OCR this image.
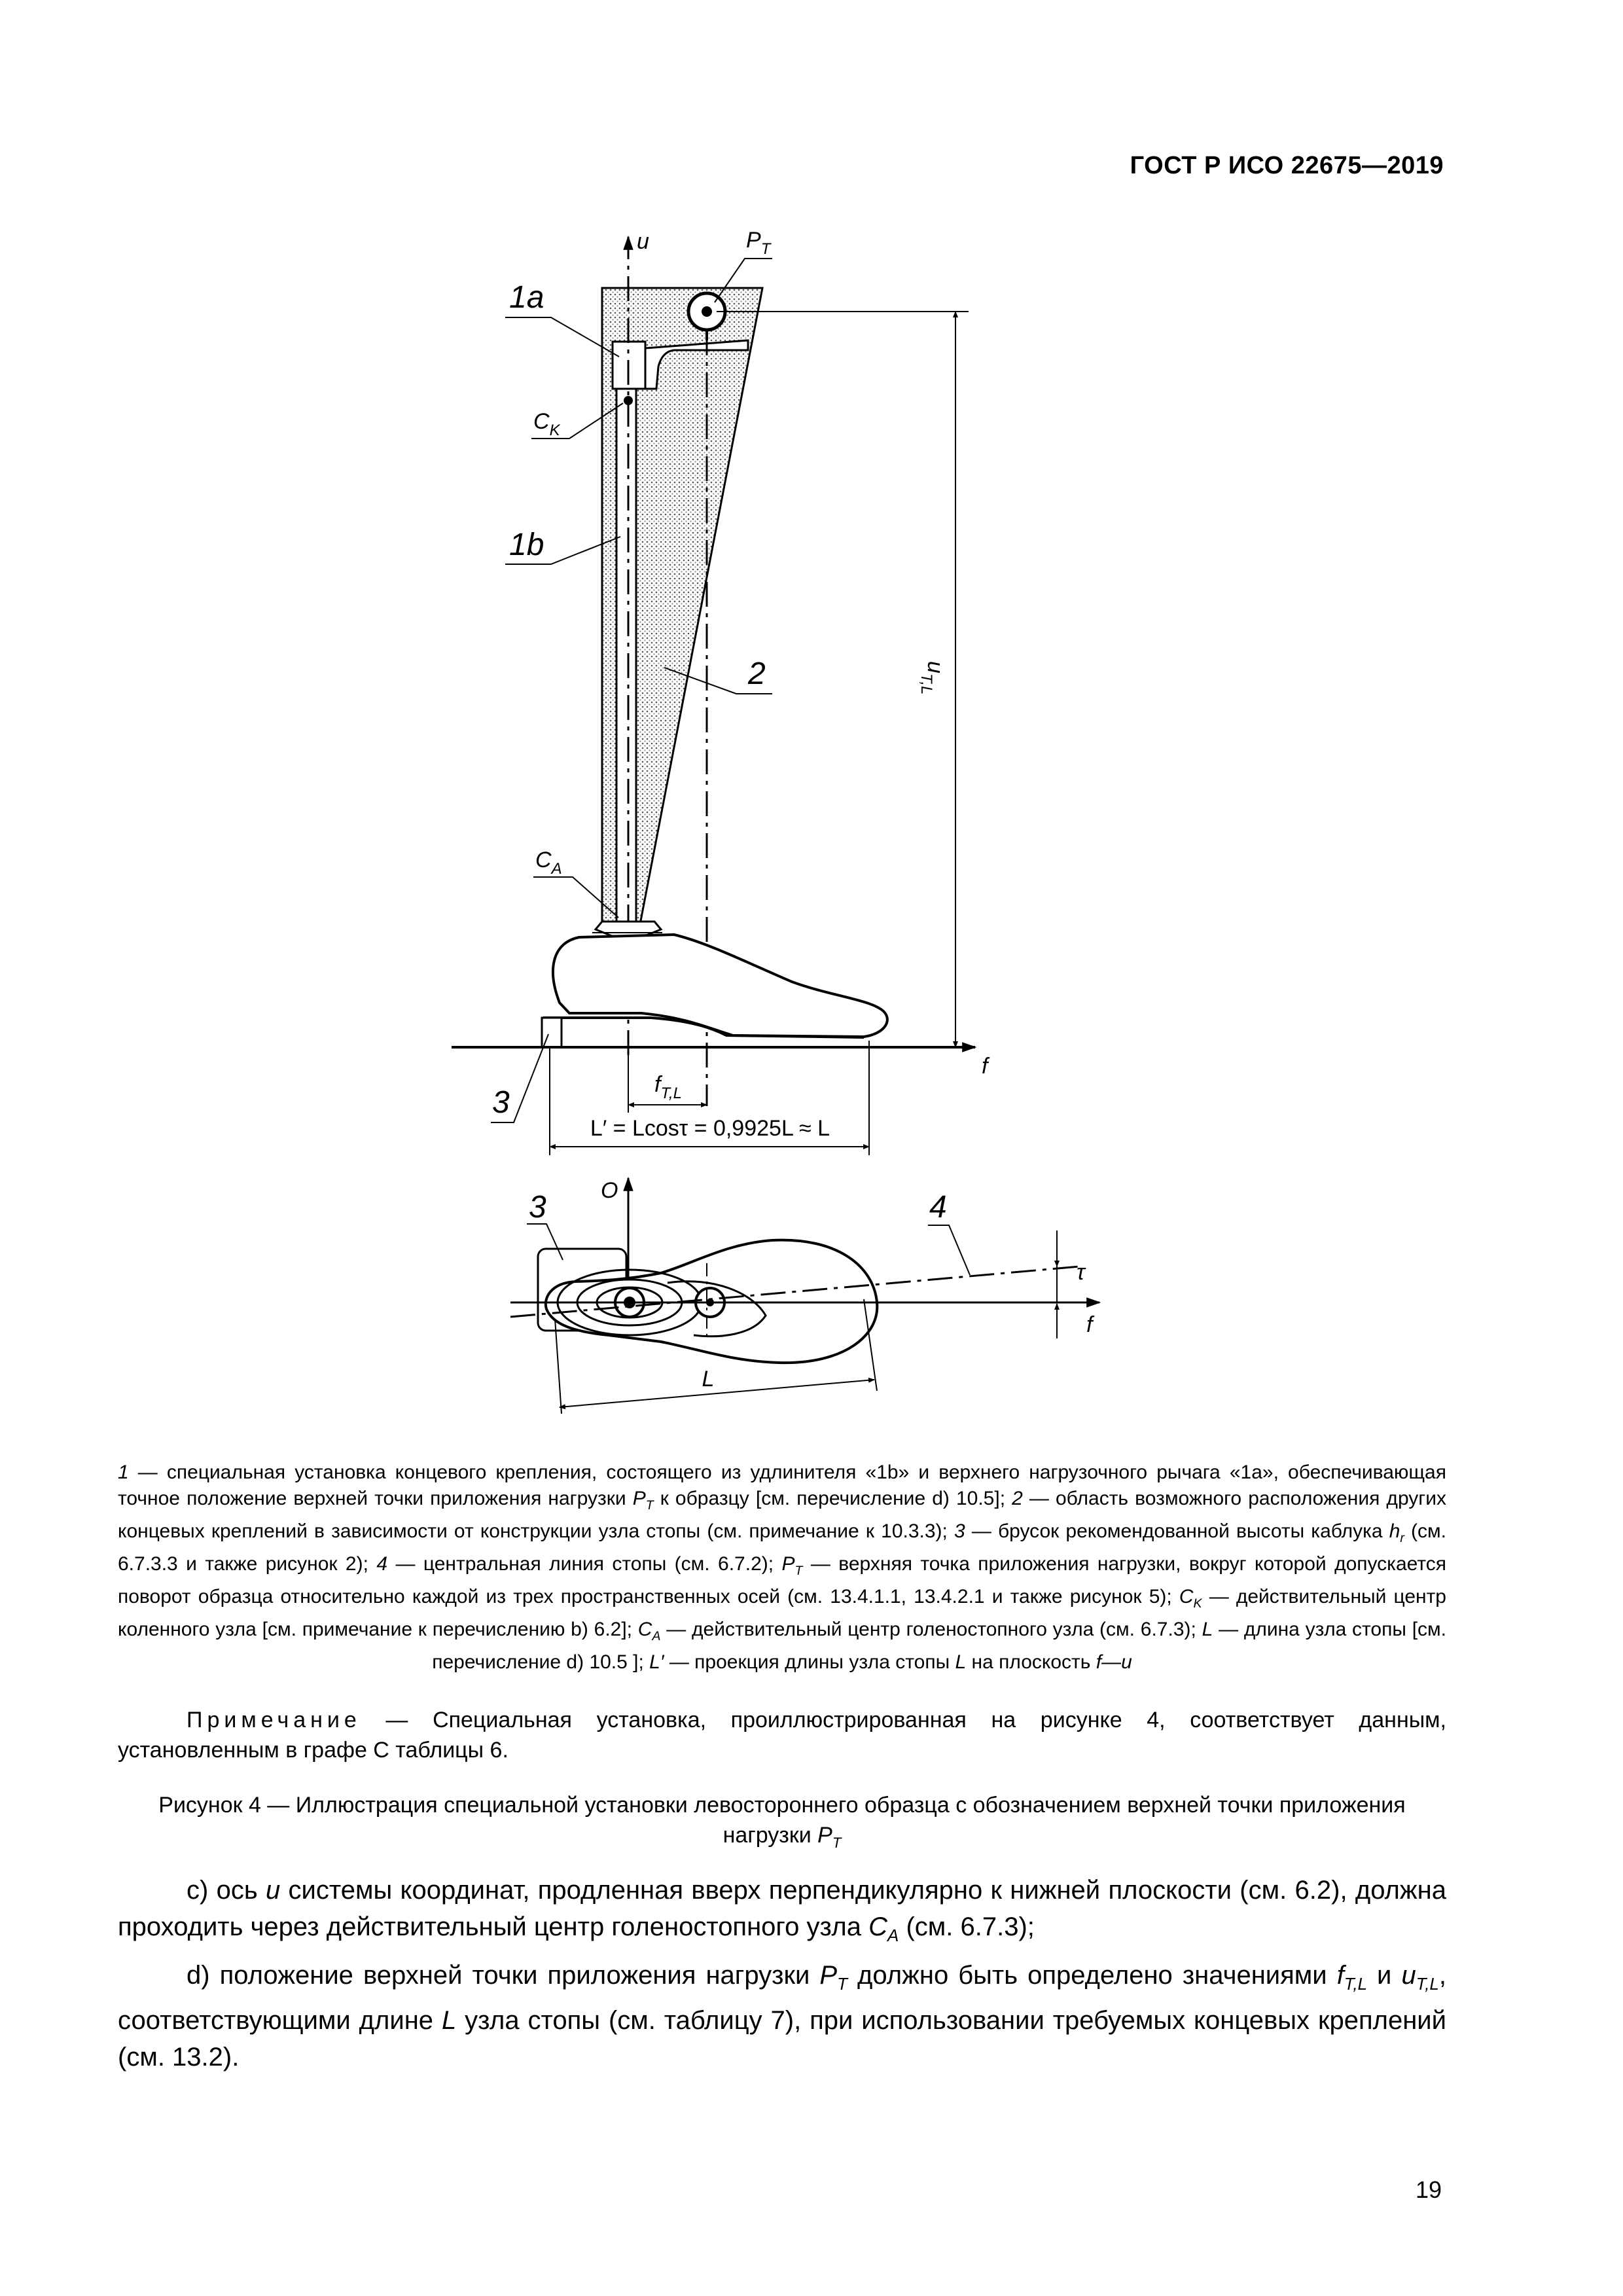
ГОСТ Р ИСО 22675—2019
u	$P_T$
1a
$C_K$
1b
2
$C_A$
f
3
$u_{T,L}$
$f_{T,L}$
L′ = Lcosτ = 0,9925L ≈ L
O
f
3	4
τ
L
1 — специальная установка концевого крепления, состоящего из удлинителя «1b» и верхнего нагрузочного рычага «1a», обеспечивающая точное положение верхней точки приложения нагрузки $P_T$ к образцу [см. перечисление d) 10.5]; 2 — область возможного расположения других концевых креплений в зависимости от конструкции узла стопы (см. примечание к 10.3.3); 3 — брусок рекомендованной высоты каблука $h_r$ (см. 6.7.3.3 и также рисунок 2); 4 — центральная линия стопы (см. 6.7.2); $P_T$ — верхняя точка приложения нагрузки, вокруг которой допускается поворот образца относительно каждой из трех пространственных осей (см. 13.4.1.1, 13.4.2.1 и также рисунок 5); $C_K$ — действительный центр коленного узла [см. примечание к перечислению b) 6.2]; $C_A$ — действительный центр голеностопного узла (см. 6.7.3); L — длина узла стопы [см. перечисление d) 10.5 ]; L′ — проекция длины узла стопы L на плоскость f—u
Примечание — Специальная установка, проиллюстрированная на рисунке 4, соответствует данным, установленным в графе С таблицы 6.
Рисунок 4 — Иллюстрация специальной установки левостороннего образца с обозначением верхней точки приложения нагрузки $P_T$
c) ось u системы координат, продленная вверх перпендикулярно к нижней плоскости (см. 6.2), должна проходить через действительный центр голеностопного узла $C_A$ (см. 6.7.3);
d) положение верхней точки приложения нагрузки $P_T$ должно быть определено значениями $f_{T,L}$ и $u_{T,L}$, соответствующими длине L узла стопы (см. таблицу 7), при использовании требуемых концевых креплений (см. 13.2).
19
